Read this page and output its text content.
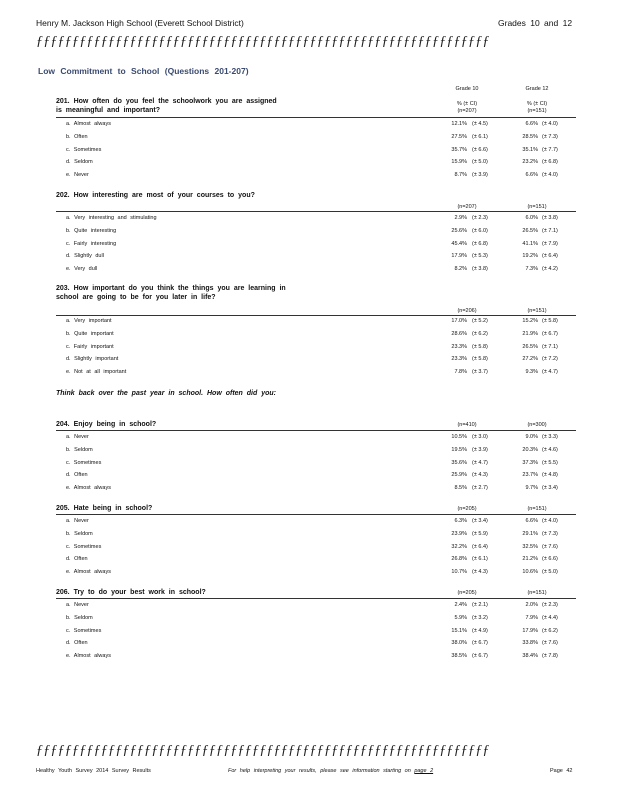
Henry M. Jackson High School (Everett School District)	Grades 10 and 12
ƒƒƒƒƒƒƒƒƒƒƒƒƒƒƒƒƒƒƒƒƒƒƒƒƒƒƒƒƒƒƒƒƒƒƒƒƒƒƒƒƒƒƒƒƒƒƒƒƒƒƒƒƒƒƒƒƒƒƒƒƒƒƒ
Low Commitment to School (Questions 201-207)
Grade 10	Grade 12
% (± CI)	% (± CI)
(n=207)	(n=151)
201. How often do you feel the schoolwork you are assigned is meaningful and important?
a. Almost always	12.1% (± 4.5)	6.6% (± 4.0)
b. Often	27.5% (± 6.1)	28.5% (± 7.3)
c. Sometimes	35.7% (± 6.6)	35.1% (± 7.7)
d. Seldom	15.9% (± 5.0)	23.2% (± 6.8)
e. Never	8.7% (± 3.9)	6.6% (± 4.0)
202. How interesting are most of your courses to you?
(n=207)	(n=151)
a. Very interesting and stimulating	2.9% (± 2.3)	6.0% (± 3.8)
b. Quite interesting	25.6% (± 6.0)	26.5% (± 7.1)
c. Fairly interesting	45.4% (± 6.8)	41.1% (± 7.9)
d. Slightly dull	17.9% (± 5.3)	19.2% (± 6.4)
e. Very dull	8.2% (± 3.8)	7.3% (± 4.2)
203. How important do you think the things you are learning in school are going to be for you later in life?
(n=206)	(n=151)
a. Very important	17.0% (± 5.2)	15.2% (± 5.8)
b. Quite important	28.6% (± 6.2)	21.9% (± 6.7)
c. Fairly important	23.3% (± 5.8)	26.5% (± 7.1)
d. Slightly important	23.3% (± 5.8)	27.2% (± 7.2)
e. Not at all important	7.8% (± 3.7)	9.3% (± 4.7)
Think back over the past year in school. How often did you:
204. Enjoy being in school?	(n=410)	(n=300)
a. Never	10.5% (± 3.0)	9.0% (± 3.3)
b. Seldom	19.5% (± 3.9)	20.3% (± 4.6)
c. Sometimes	35.6% (± 4.7)	37.3% (± 5.5)
d. Often	25.9% (± 4.3)	23.7% (± 4.8)
e. Almost always	8.5% (± 2.7)	9.7% (± 3.4)
205. Hate being in school?	(n=205)	(n=151)
a. Never	6.3% (± 3.4)	6.6% (± 4.0)
b. Seldom	23.9% (± 5.9)	29.1% (± 7.3)
c. Sometimes	32.2% (± 6.4)	32.5% (± 7.6)
d. Often	26.8% (± 6.1)	21.2% (± 6.6)
e. Almost always	10.7% (± 4.3)	10.6% (± 5.0)
206. Try to do your best work in school?	(n=205)	(n=151)
a. Never	2.4% (± 2.1)	2.0% (± 2.3)
b. Seldom	5.9% (± 3.2)	7.9% (± 4.4)
c. Sometimes	15.1% (± 4.9)	17.9% (± 6.2)
d. Often	38.0% (± 6.7)	33.8% (± 7.6)
e. Almost always	38.5% (± 6.7)	38.4% (± 7.8)
ƒƒƒƒƒƒƒƒƒƒƒƒƒƒƒƒƒƒƒƒƒƒƒƒƒƒƒƒƒƒƒƒƒƒƒƒƒƒƒƒƒƒƒƒƒƒƒƒƒƒƒƒƒƒƒƒƒƒƒƒƒƒƒ
Healthy Youth Survey 2014 Survey Results	For help interpreting your results, please see information starting on page 2	Page 42
